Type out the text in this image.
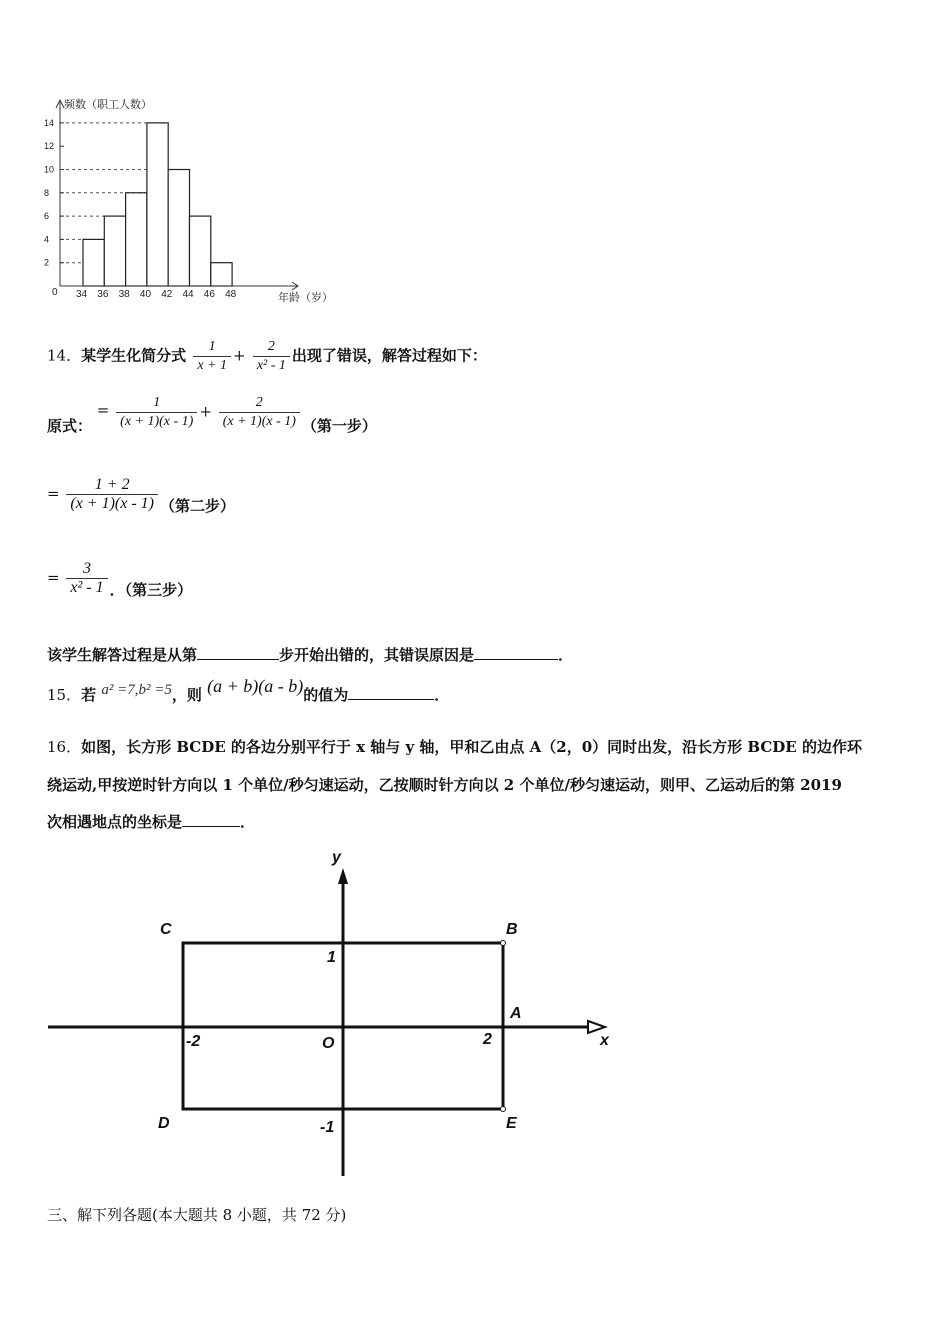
2
4
6
8
10
12
14
34 36 38 40 42 44 46 48
频数（职工人数）
年龄（岁）
0
14．某学生化简分式 $\frac{1}{x + 1} + \frac{2}{\text{x² - 1}}$ 出现了错误，解答过程如下：
原式： = $\frac{1}{(x + 1)(x - 1)} + \frac{2}{(x + 1)(x - 1)}$ （第一步）
= $\frac{1 + 2}{(x + 1)(x - 1)}$ （第二步）
= $\frac{3}{\text{x² - 1}}$ ．（第三步）
该学生解答过程是从第	步开始出错的，其错误原因是	．
15．若 a² =7,b² =5，则 (a + b)(a - b)的值为	．
16．如图，长方形 BCDE 的各边分别平行于 x 轴与 y 轴，甲和乙由点 A（2，0）同时出发，沿长方形 BCDE 的边作环
绕运动,甲按逆时针方向以 1 个单位/秒匀速运动，乙按顺时针方向以 2 个单位/秒匀速运动，则甲、乙运动后的第 2019
次相遇地点的坐标是	．
y
x
O
C	B
D	E
A
1
-1
2
-2
三、解下列各题(本大题共 8 小题，共 72 分)
